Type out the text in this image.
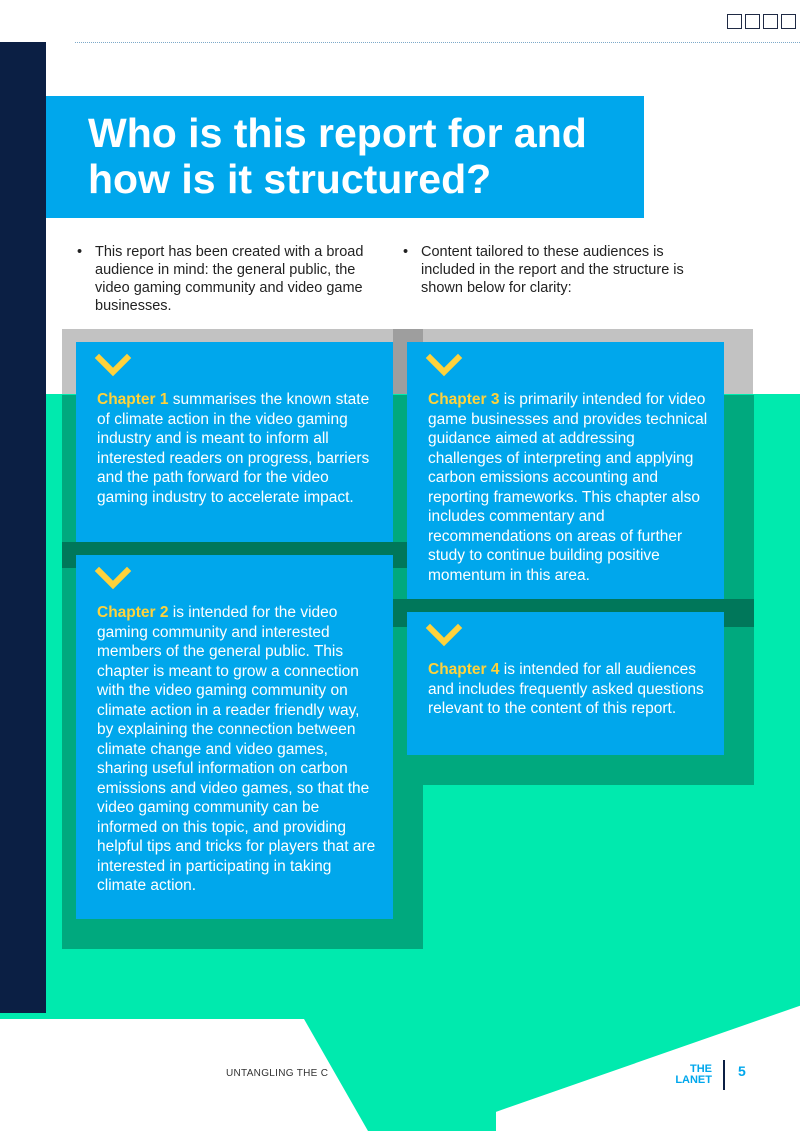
Who is this report for and how is it structured?
• This report has been created with a broad audience in mind: the general public, the video gaming community and video game businesses.

• Content tailored to these audiences is included in the report and the structure is shown below for clarity:

Chapter 1 summarises the known state of climate action in the video gaming industry and is meant to inform all interested readers on progress, barriers and the path forward for the video gaming industry to accelerate impact.

Chapter 2 is intended for the video gaming community and interested members of the general public. This chapter is meant to grow a connection with the video gaming community on climate action in a reader friendly way, by explaining the connection between climate change and video games, sharing useful information on carbon emissions and video games, so that the video gaming community can be informed on this topic, and providing helpful tips and tricks for players that are interested in participating in taking climate action.

Chapter 3 is primarily intended for video game businesses and provides technical guidance aimed at addressing challenges of interpreting and applying carbon emissions accounting and reporting frameworks. This chapter also includes commentary and recommendations on areas of further study to continue building positive momentum in this area.

Chapter 4 is intended for all audiences and includes frequently asked questions relevant to the content of this report.

UNTANGLING THE C	THE
LANET
5
